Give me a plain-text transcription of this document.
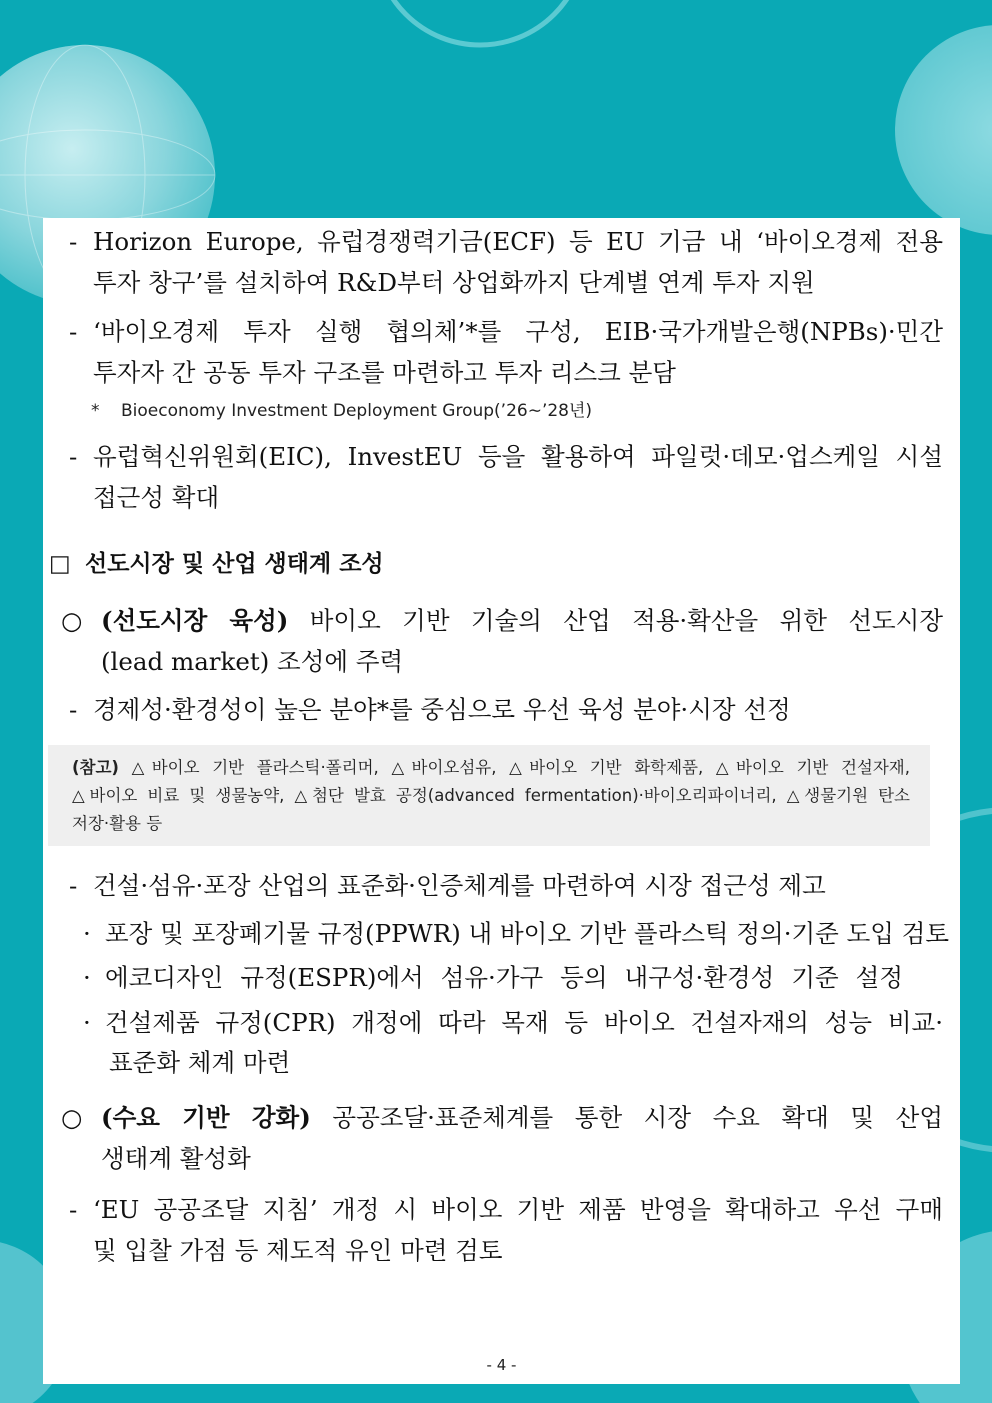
- Horizon Europe, 유럽경쟁력기금(ECF) 등 EU 기금 내 ‘바이오경제 전용
투자 창구’를 설치하여 R&D부터 상업화까지 단계별 연계 투자 지원
- ‘바이오경제 투자 실행 협의체’*를 구성, EIB·국가개발은행(NPBs)·민간
투자자 간 공동 투자 구조를 마련하고 투자 리스크 분담
* Bioeconomy Investment Deployment Group(’26∼’28년)
- 유럽혁신위원회(EIC), InvestEU 등을 활용하여 파일럿·데모·업스케일 시설
접근성 확대
□ 선도시장 및 산업 생태계 조성
○ (선도시장 육성) 바이오 기반 기술의 산업 적용·확산을 위한 선도시장
(lead market) 조성에 주력
- 경제성·환경성이 높은 분야*를 중심으로 우선 육성 분야·시장 선정
(참고) △바이오 기반 플라스틱·폴리머, △바이오섬유, △바이오 기반 화학제품, △바이오 기반 건설자재,
△바이오 비료 및 생물농약, △첨단 발효 공정(advanced fermentation)·바이오리파이너리, △생물기원 탄소
저장·활용 등
- 건설·섬유·포장 산업의 표준화·인증체계를 마련하여 시장 접근성 제고
· 포장 및 포장폐기물 규정(PPWR) 내 바이오 기반 플라스틱 정의·기준 도입 검토
· 에코디자인 규정(ESPR)에서 섬유·가구 등의 내구성·환경성 기준 설정
· 건설제품 규정(CPR) 개정에 따라 목재 등 바이오 건설자재의 성능 비교·
표준화 체계 마련
○ (수요 기반 강화) 공공조달·표준체계를 통한 시장 수요 확대 및 산업
생태계 활성화
- ‘EU 공공조달 지침’ 개정 시 바이오 기반 제품 반영을 확대하고 우선 구매
및 입찰 가점 등 제도적 유인 마련 검토
- 4 -
